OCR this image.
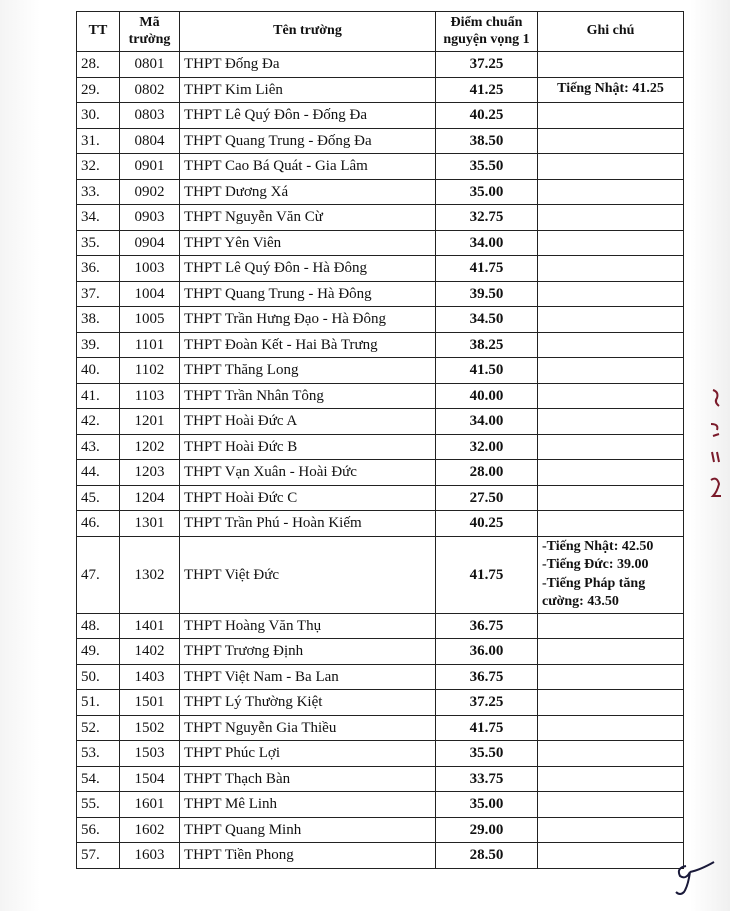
TT	Mã trường	Tên trường	Điểm chuẩn nguyện vọng 1	Ghi chú
28.	0801	THPT Đống Đa	37.25	
29.	0802	THPT Kim Liên	41.25	Tiếng Nhật: 41.25
30.	0803	THPT Lê Quý Đôn - Đống Đa	40.25	
31.	0804	THPT Quang Trung - Đống Đa	38.50	
32.	0901	THPT Cao Bá Quát - Gia Lâm	35.50	
33.	0902	THPT Dương Xá	35.00	
34.	0903	THPT Nguyễn Văn Cừ	32.75	
35.	0904	THPT Yên Viên	34.00	
36.	1003	THPT Lê Quý Đôn - Hà Đông	41.75	
37.	1004	THPT Quang Trung - Hà Đông	39.50	
38.	1005	THPT Trần Hưng Đạo - Hà Đông	34.50	
39.	1101	THPT Đoàn Kết - Hai Bà Trưng	38.25	
40.	1102	THPT Thăng Long	41.50	
41.	1103	THPT Trần Nhân Tông	40.00	
42.	1201	THPT Hoài Đức A	34.00	
43.	1202	THPT Hoài Đức B	32.00	
44.	1203	THPT Vạn Xuân - Hoài Đức	28.00	
45.	1204	THPT Hoài Đức C	27.50	
46.	1301	THPT Trần Phú - Hoàn Kiếm	40.25	
47.	1302	THPT Việt Đức	41.75	-Tiếng Nhật: 42.50
-Tiếng Đức: 39.00
-Tiếng Pháp tăng cường: 43.50

48.	1401	THPT Hoàng Văn Thụ	36.75	
49.	1402	THPT Trương Định	36.00	
50.	1403	THPT Việt Nam - Ba Lan	36.75	
51.	1501	THPT Lý Thường Kiệt	37.25	
52.	1502	THPT Nguyễn Gia Thiều	41.75	
53.	1503	THPT Phúc Lợi	35.50	
54.	1504	THPT Thạch Bàn	33.75	
55.	1601	THPT Mê Linh	35.00	
56.	1602	THPT Quang Minh	29.00	
57.	1603	THPT Tiền Phong	28.50	
